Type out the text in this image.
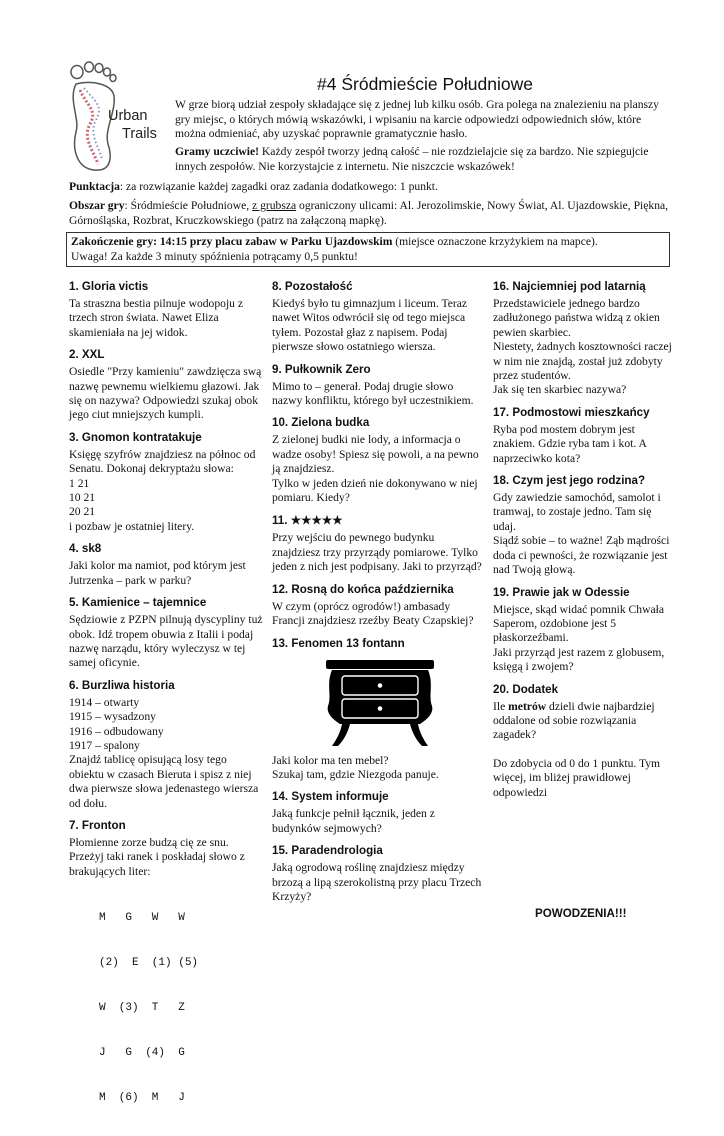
Urban
Trails
#4 Śródmieście Południowe
W grze biorą udział zespoły składające się z jednej lub kilku osób. Gra polega na znalezieniu na planszy gry miejsc, o których mówią wskazówki, i wpisaniu na karcie odpowiedzi odpowiednich słów, które można odmieniać, aby uzyskać poprawnie gramatycznie hasło.
Gramy uczciwie! Każdy zespół tworzy jedną całość – nie rozdzielajcie się za bardzo. Nie szpiegujcie innych zespołów. Nie korzystajcie z internetu. Nie niszczcie wskazówek!
Punktacja: za rozwiązanie każdej zagadki oraz zadania dodatkowego: 1 punkt.
Obszar gry: Śródmieście Południowe, z grubsza ograniczony ulicami: Al. Jerozolimskie, Nowy Świat, Al. Ujazdowskie, Piękna, Górnośląska, Rozbrat, Kruczkowskiego (patrz na załączoną mapkę).
Zakończenie gry: 14:15 przy placu zabaw w Parku Ujazdowskim (miejsce oznaczone krzyżykiem na mapce).
Uwaga! Za każde 3 minuty spóźnienia potrącamy 0,5 punktu!
1. Gloria victis
Ta straszna bestia pilnuje wodopoju z trzech stron świata. Nawet Eliza skamieniała na jej widok.
2. XXL
Osiedle "Przy kamieniu" zawdzięcza swą nazwę pewnemu wielkiemu głazowi. Jak się on nazywa? Odpowiedzi szukaj obok jego ciut mniejszych kumpli.
3. Gnomon kontratakuje
Księgę szyfrów znajdziesz na północ od Senatu. Dokonaj dekryptażu słowa:
1 21
10 21
20 21
i pozbaw je ostatniej litery.
4. sk8
Jaki kolor ma namiot, pod którym jest Jutrzenka – park w parku?
5. Kamienice – tajemnice
Sędziowie z PZPN pilnują dyscypliny tuż obok. Idź tropem obuwia z Italii i podaj nazwę narządu, który wyleczysz w tej samej oficynie.
6. Burzliwa historia
1914 – otwarty
1915 – wysadzony
1916 – odbudowany
1917 – spalony
Znajdź tablicę opisującą losy tego obiektu w czasach Bieruta i spisz z niej dwa pierwsze słowa jedenastego wiersza od dołu.
7. Fronton
Płomienne zorze budzą cię ze snu. Przeżyj taki ranek i poskładaj słowo z brakujących liter:

M   G   W   W

(2)  E  (1) (5)

W  (3)  T   Z

J   G  (4)  G

M  (6)  M   J

8. Pozostałość
Kiedyś było tu gimnazjum i liceum. Teraz nawet Witos odwrócił się od tego miejsca tyłem. Pozostał głaz z napisem. Podaj pierwsze słowo ostatniego wiersza.
9. Pułkownik Zero
Mimo to – generał. Podaj drugie słowo nazwy konfliktu, którego był uczestnikiem.
10. Zielona budka
Z zielonej budki nie lody, a informacja o wadze osoby! Spiesz się powoli, a na pewno ją znajdziesz.
Tylko w jeden dzień nie dokonywano w niej pomiaru. Kiedy?
11. ★★★★★
Przy wejściu do pewnego budynku znajdziesz trzy przyrządy pomiarowe. Tylko jeden z nich jest podpisany. Jaki to przyrząd?
12. Rosną do końca października
W czym (oprócz ogrodów!) ambasady Francji znajdziesz rzeźby Beaty Czapskiej?
13. Fenomen 13 fontann
Jaki kolor ma ten mebel?
Szukaj tam, gdzie Niezgoda panuje.
14. System informuje
Jaką funkcje pełnił łącznik, jeden z budynków sejmowych?
15. Paradendrologia
Jaką ogrodową roślinę znajdziesz między brzozą a lipą szerokolistną przy placu Trzech Krzyży?
16. Najciemniej pod latarnią
Przedstawiciele jednego bardzo zadłużonego państwa widzą z okien pewien skarbiec.
Niestety, żadnych kosztowności raczej w nim nie znajdą, został już zdobyty przez studentów.
Jak się ten skarbiec nazywa?
17. Podmostowi mieszkańcy
Ryba pod mostem dobrym jest znakiem. Gdzie ryba tam i kot. A naprzeciwko kota?
18. Czym jest jego rodzina?
Gdy zawiedzie samochód, samolot i tramwaj, to zostaje jedno. Tam się udaj.
Siądź sobie – to ważne! Ząb mądrości doda ci pewności, że rozwiązanie jest nad Twoją głową.
19. Prawie jak w Odessie
Miejsce, skąd widać pomnik Chwała Saperom, ozdobione jest 5 płaskorzeźbami.
Jaki przyrząd jest razem z globusem, księgą i zwojem?
20. Dodatek
Ile metrów dzieli dwie najbardziej oddalone od sobie rozwiązania zagadek?
Do zdobycia od 0 do 1 punktu. Tym więcej, im bliżej prawidłowej odpowiedzi
POWODZENIA!!!
